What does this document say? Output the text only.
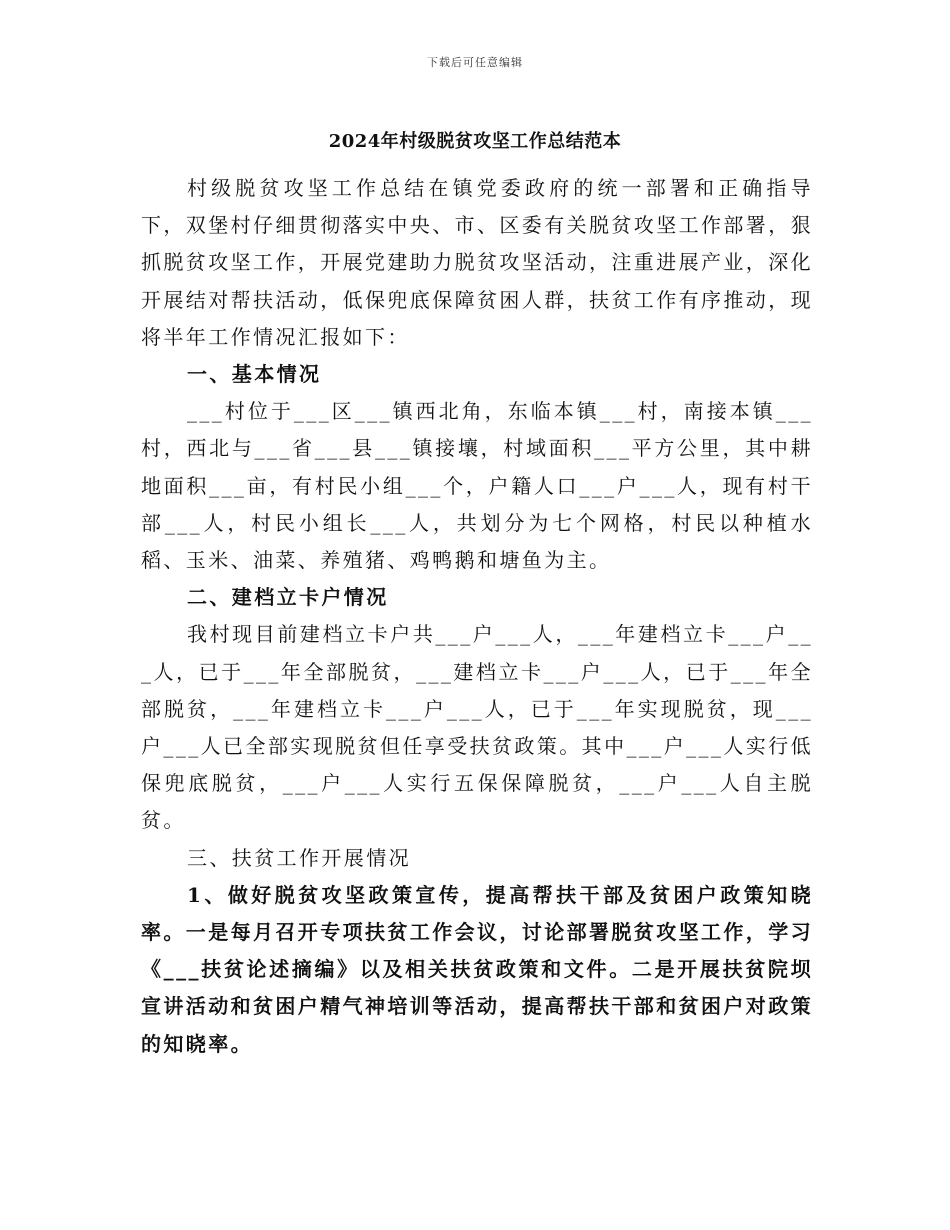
下载后可任意编辑
2024年村级脱贫攻坚工作总结范本

村级脱贫攻坚工作总结在镇党委政府的统一部署和正确指导下，双堡村仔细贯彻落实中央、市、区委有关脱贫攻坚工作部署，狠抓脱贫攻坚工作，开展党建助力脱贫攻坚活动，注重进展产业，深化开展结对帮扶活动，低保兜底保障贫困人群，扶贫工作有序推动，现将半年工作情况汇报如下：

一、基本情况

___村位于___区___镇西北角，东临本镇___村，南接本镇___村，西北与___省___县___镇接壤，村域面积___平方公里，其中耕地面积___亩，有村民小组___个，户籍人口___户___人，现有村干部___人，村民小组长___人，共划分为七个网格，村民以种植水稻、玉米、油菜、养殖猪、鸡鸭鹅和塘鱼为主。

二、建档立卡户情况

我村现目前建档立卡户共___户___人，___年建档立卡___户___人，已于___年全部脱贫，___建档立卡___户___人，已于___年全部脱贫，___年建档立卡___户___人，已于___年实现脱贫，现___户___人已全部实现脱贫但任享受扶贫政策。其中___户___人实行低保兜底脱贫，___户___人实行五保保障脱贫，___户___人自主脱贫。

三、扶贫工作开展情况

1、做好脱贫攻坚政策宣传，提高帮扶干部及贫困户政策知晓率。一是每月召开专项扶贫工作会议，讨论部署脱贫攻坚工作，学习《___扶贫论述摘编》以及相关扶贫政策和文件。二是开展扶贫院坝宣讲活动和贫困户精气神培训等活动，提高帮扶干部和贫困户对政策的知晓率。
